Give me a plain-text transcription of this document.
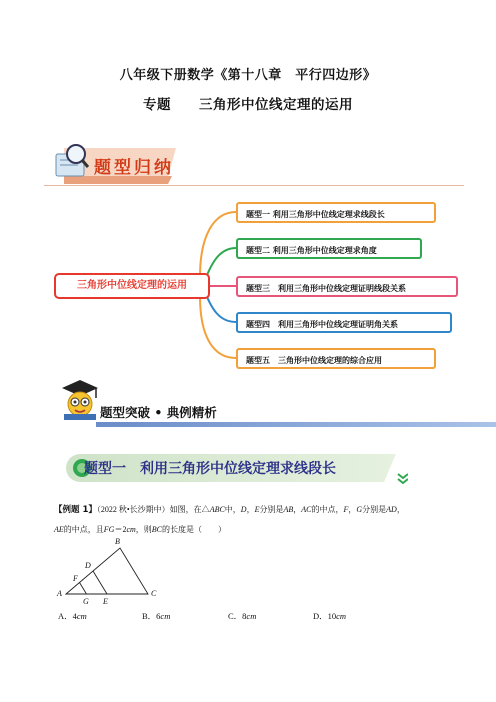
八年级下册数学《第十八章　平行四边形》
专题 三角形中位线定理的运用
题型归纳
三角形中位线定理的运用
题型一 利用三角形中位线定理求线段长
题型二 利用三角形中位线定理求角度
题型三　利用三角形中位线定理证明线段关系
题型四　利用三角形中位线定理证明角关系
题型五　三角形中位线定理的综合应用
题型突破 • 典例精析
题型一　利用三角形中位线定理求线段长
【例题 1】（2022 秋•长沙期中）如图，在△ABC中，D，E分别是AB，AC的中点，F，G分别是AD，
AE的中点，且FG＝2cm，则BC的长度是（　　）
B
D
F
A
G E
C
A．4cm	B．6cm	C．8cm	D．10cm
